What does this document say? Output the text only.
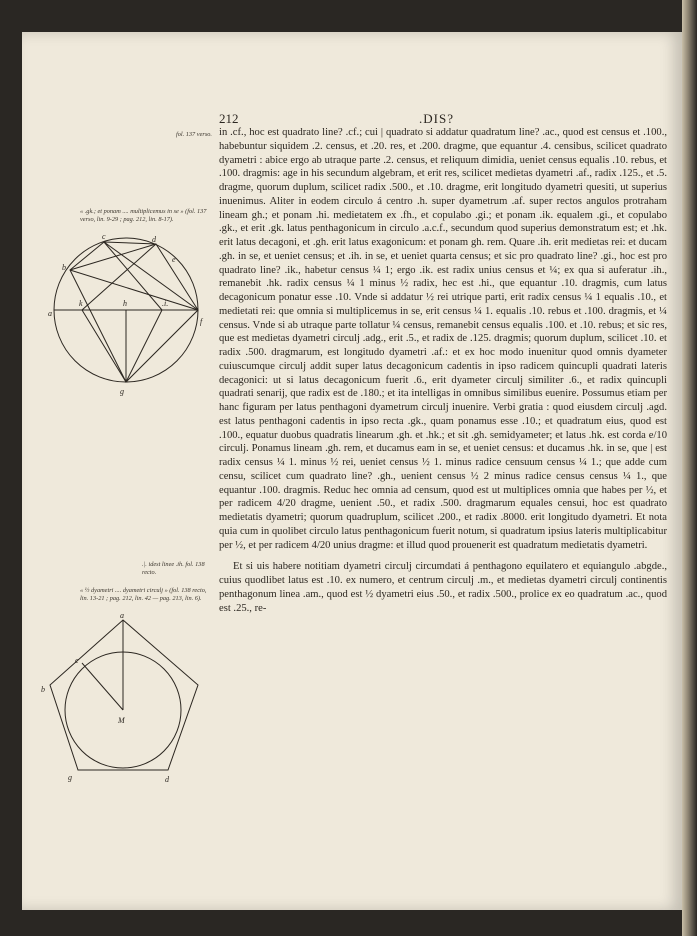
212	.DIS?
fol. 137 verso.
« .gk.; et ponam .... multiplicemus in se » (fol. 137 verso, lin. 9-29 ; pag. 212, lin. 8-17).
.|. idest linee .ih. fol. 138 recto.
« ½ dyametri .... dyametri circulj » (fol. 138 recto, lin. 13-21 ; pag. 212, lin. 42 — pag. 213, lin. 6).
a
b
c	d
e
f
g
h	.i.
k
a
b
c
d
g
M

in .cf., hoc est quadrato line? .cf.; cui | quadrato si addatur quadratum line? .ac., quod est census et .100., habebuntur siquidem .2. census, et .20. res, et .200. dragme, que equantur .4. censibus, scilicet quadrato dyametri : abice ergo ab utraque parte .2. census, et reliquum dimidia, ueniet census equalis .10. rebus, et .100. dragmis: age in his secundum algebram, et erit res, scilicet medietas dyametri .af., radix .125., et .5. dragme, quorum duplum, scilicet radix .500., et .10. dragme, erit longitudo dyametri quesiti, ut superius inuenimus. Aliter in eodem circulo á centro .h. super dyametrum .af. super rectos angulos protraham lineam gh.; et ponam .hi. medietatem ex .fh., et copulabo .gi.; et ponam .ik. equalem .gi., et copulabo .gk., et erit .gk. latus penthagonicum in circulo .a.c.f., secundum quod superius demonstratum est; et .hk. erit latus decagoni, et .gh. erit latus exagonicum: et ponam gh. rem. Quare .ih. erit medietas rei: et ducam .gh. in se, et ueniet census; et .ih. in se, et ueniet quarta census; et sic pro quadrato line? .gi., hoc est pro quadrato line? .ik., habetur census ¼ 1; ergo .ik. est radix unius census et ¼; ex qua si auferatur .ih., remanebit .hk. radix census ¼ 1 minus ½ radix, hec est .hi., que equantur .10. dragmis, cum latus decagonicum ponatur esse .10. Vnde si addatur ½ rei utrique parti, erit radix census ¼ 1 equalis .10., et medietati rei: que omnia si multiplicemus in se, erit census ¼ 1. equalis .10. rebus et .100. dragmis, et ¼ census. Vnde si ab utraque parte tollatur ¼ census, remanebit census equalis .100. et .10. rebus; et sic res, que est medietas dyametri circulj .adg., erit .5., et radix de .125. dragmis; quorum duplum, scilicet .10. et radix .500. dragmarum, est longitudo dyametri .af.: et ex hoc modo inuenitur quod omnis dyameter cuiuscumque circulj addit super latus decagonicum cadentis in ipso radicem quincupli quadrati lateris decagonici: ut si latus decagonicum fuerit .6., erit dyameter circulj similiter .6., et radix quincupli quadrati senarij, que radix est de .180.; et ita intelligas in omnibus similibus euenire. Possumus etiam per hanc figuram per latus penthagoni dyametrum circulj inuenire. Verbi gratia : quod eiusdem circulj .agd. est latus penthagoni cadentis in ipso recta .gk., quam ponamus esse .10.; et quadratum eius, quod est .100., equatur duobus quadratis linearum .gh. et .hk.; et sit .gh. semidyameter; et latus .hk. est corda e/10 circulj. Ponamus lineam .gh. rem, et ducamus eam in se, et ueniet census: et ducamus .hk. in se, que | est radix census ¼ 1. minus ½ rei, ueniet census ½ 1. minus radice censuum census ¼ 1.; que adde cum censu, scilicet cum quadrato line? .gh., uenient census ½ 2 minus radice census census ¼ 1., que equantur .100. dragmis. Reduc hec omnia ad censum, quod est ut multiplices omnia que habes per ½, et per radicem 4/20 dragme, uenient .50., et radix .500. dragmarum equales censui, hoc est quadrato medietatis dyametri; quorum quadruplum, scilicet .200., et radix .8000. erit longitudo dyametri. Et nota quia cum in quolibet circulo latus penthagonicum fuerit notum, si quadratum ipsius lateris multiplicabitur per ½, et per radicem 4/20 unius dragme: et illud quod prouenerit est quadratum medietatis dyametri.

Et si uis habere notitiam dyametri circulj circumdati á penthagono equilatero et equiangulo .abgde., cuius quodlibet latus est .10. ex numero, et centrum circulj .m., et medietas dyametri circulj continentis penthagonum linea .am., quod est ½ dyametri eius .50., et radix .500., prolice ex eo quadratum .ac., quod est .25., re-
